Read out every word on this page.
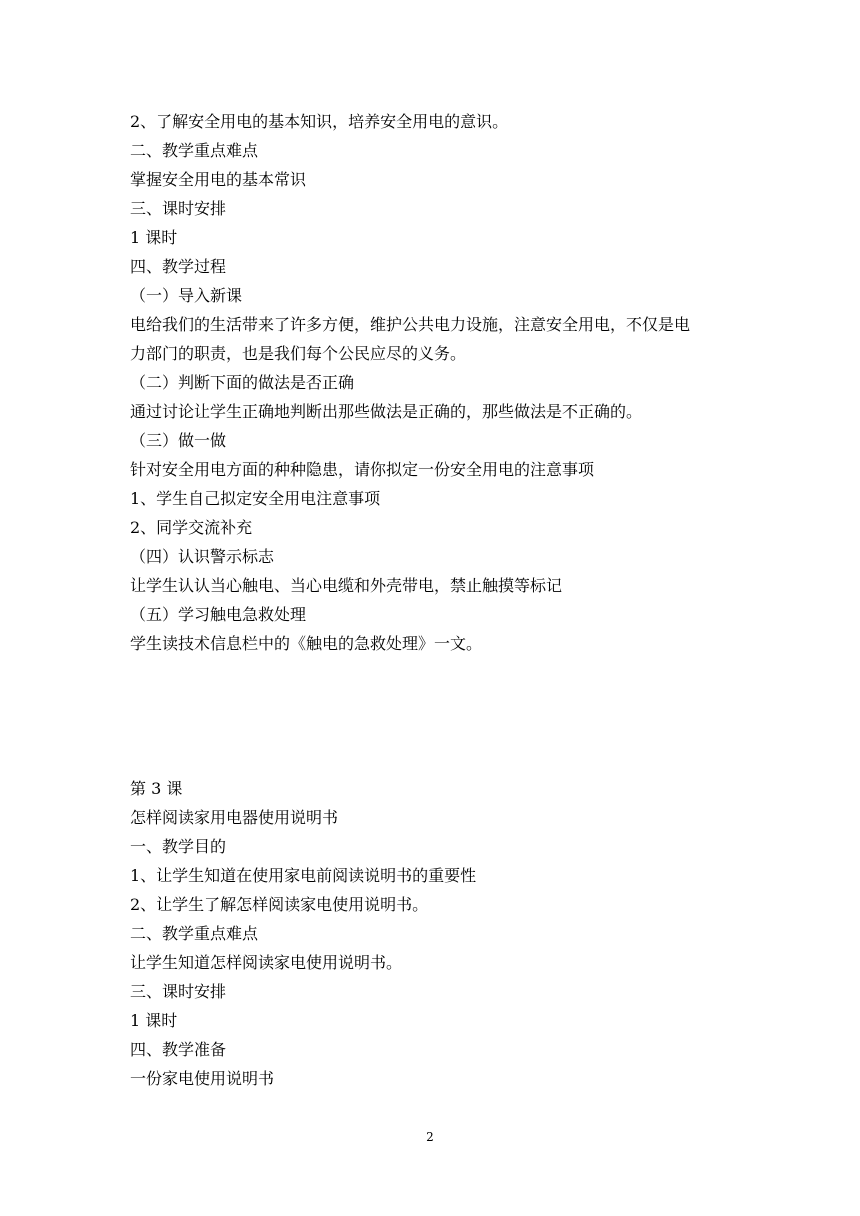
2、了解安全用电的基本知识，培养安全用电的意识。
二、教学重点难点
掌握安全用电的基本常识
三、课时安排
1 课时
四、教学过程
（一）导入新课
电给我们的生活带来了许多方便，维护公共电力设施，注意安全用电，不仅是电
力部门的职责，也是我们每个公民应尽的义务。
（二）判断下面的做法是否正确
通过讨论让学生正确地判断出那些做法是正确的，那些做法是不正确的。
（三）做一做
针对安全用电方面的种种隐患，请你拟定一份安全用电的注意事项
1、学生自己拟定安全用电注意事项
2、同学交流补充
（四）认识警示标志
让学生认认当心触电、当心电缆和外壳带电，禁止触摸等标记
（五）学习触电急救处理
学生读技术信息栏中的《触电的急救处理》一文。
第 3 课
怎样阅读家用电器使用说明书
一、教学目的
1、让学生知道在使用家电前阅读说明书的重要性
2、让学生了解怎样阅读家电使用说明书。
二、教学重点难点
让学生知道怎样阅读家电使用说明书。
三、课时安排
1 课时
四、教学准备
一份家电使用说明书
2
